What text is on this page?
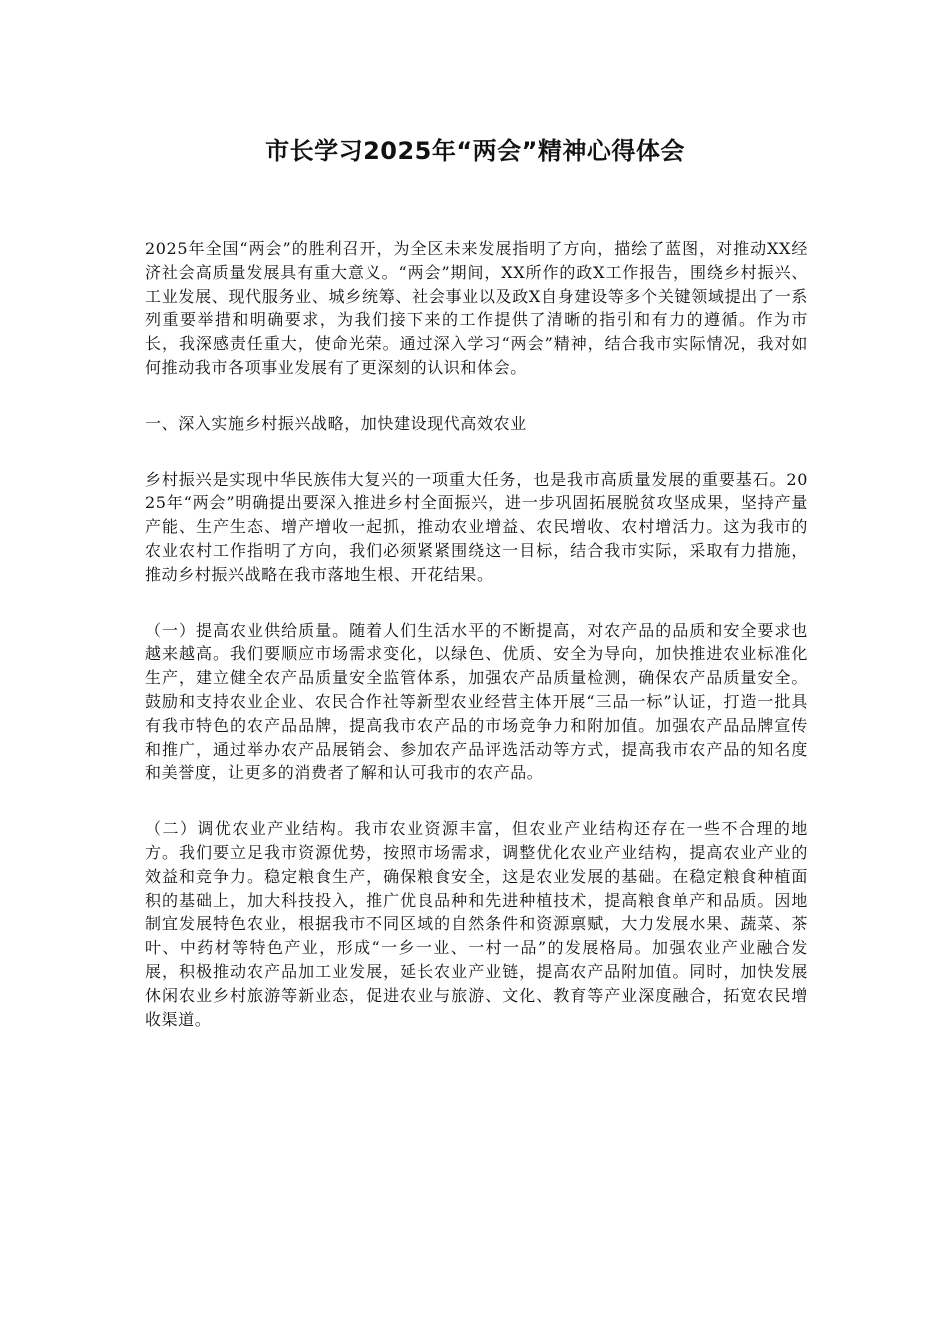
市长学习2025年“两会”精神心得体会

2025年全国“两会”的胜利召开，为全区未来发展指明了方向，描绘了蓝图，对推动XX经济社会高质量发展具有重大意义。“两会”期间，XX所作的政X工作报告，围绕乡村振兴、工业发展、现代服务业、城乡统筹、社会事业以及政X自身建设等多个关键领域提出了一系列重要举措和明确要求，为我们接下来的工作提供了清晰的指引和有力的遵循。作为市长，我深感责任重大，使命光荣。通过深入学习“两会”精神，结合我市实际情况，我对如何推动我市各项事业发展有了更深刻的认识和体会。

一、深入实施乡村振兴战略，加快建设现代高效农业

乡村振兴是实现中华民族伟大复兴的一项重大任务，也是我市高质量发展的重要基石。2025年“两会”明确提出要深入推进乡村全面振兴，进一步巩固拓展脱贫攻坚成果，坚持产量产能、生产生态、增产增收一起抓，推动农业增益、农民增收、农村增活力。这为我市的农业农村工作指明了方向，我们必须紧紧围绕这一目标，结合我市实际，采取有力措施，推动乡村振兴战略在我市落地生根、开花结果。

（一）提高农业供给质量。随着人们生活水平的不断提高，对农产品的品质和安全要求也越来越高。我们要顺应市场需求变化，以绿色、优质、安全为导向，加快推进农业标准化生产，建立健全农产品质量安全监管体系，加强农产品质量检测，确保农产品质量安全。鼓励和支持农业企业、农民合作社等新型农业经营主体开展“三品一标”认证，打造一批具有我市特色的农产品品牌，提高我市农产品的市场竞争力和附加值。加强农产品品牌宣传和推广，通过举办农产品展销会、参加农产品评选活动等方式，提高我市农产品的知名度和美誉度，让更多的消费者了解和认可我市的农产品。

（二）调优农业产业结构。我市农业资源丰富，但农业产业结构还存在一些不合理的地方。我们要立足我市资源优势，按照市场需求，调整优化农业产业结构，提高农业产业的效益和竞争力。稳定粮食生产，确保粮食安全，这是农业发展的基础。在稳定粮食种植面积的基础上，加大科技投入，推广优良品种和先进种植技术，提高粮食单产和品质。因地制宜发展特色农业，根据我市不同区域的自然条件和资源禀赋，大力发展水果、蔬菜、茶叶、中药材等特色产业，形成“一乡一业、一村一品”的发展格局。加强农业产业融合发展，积极推动农产品加工业发展，延长农业产业链，提高农产品附加值。同时，加快发展休闲农业乡村旅游等新业态，促进农业与旅游、文化、教育等产业深度融合，拓宽农民增收渠道。
